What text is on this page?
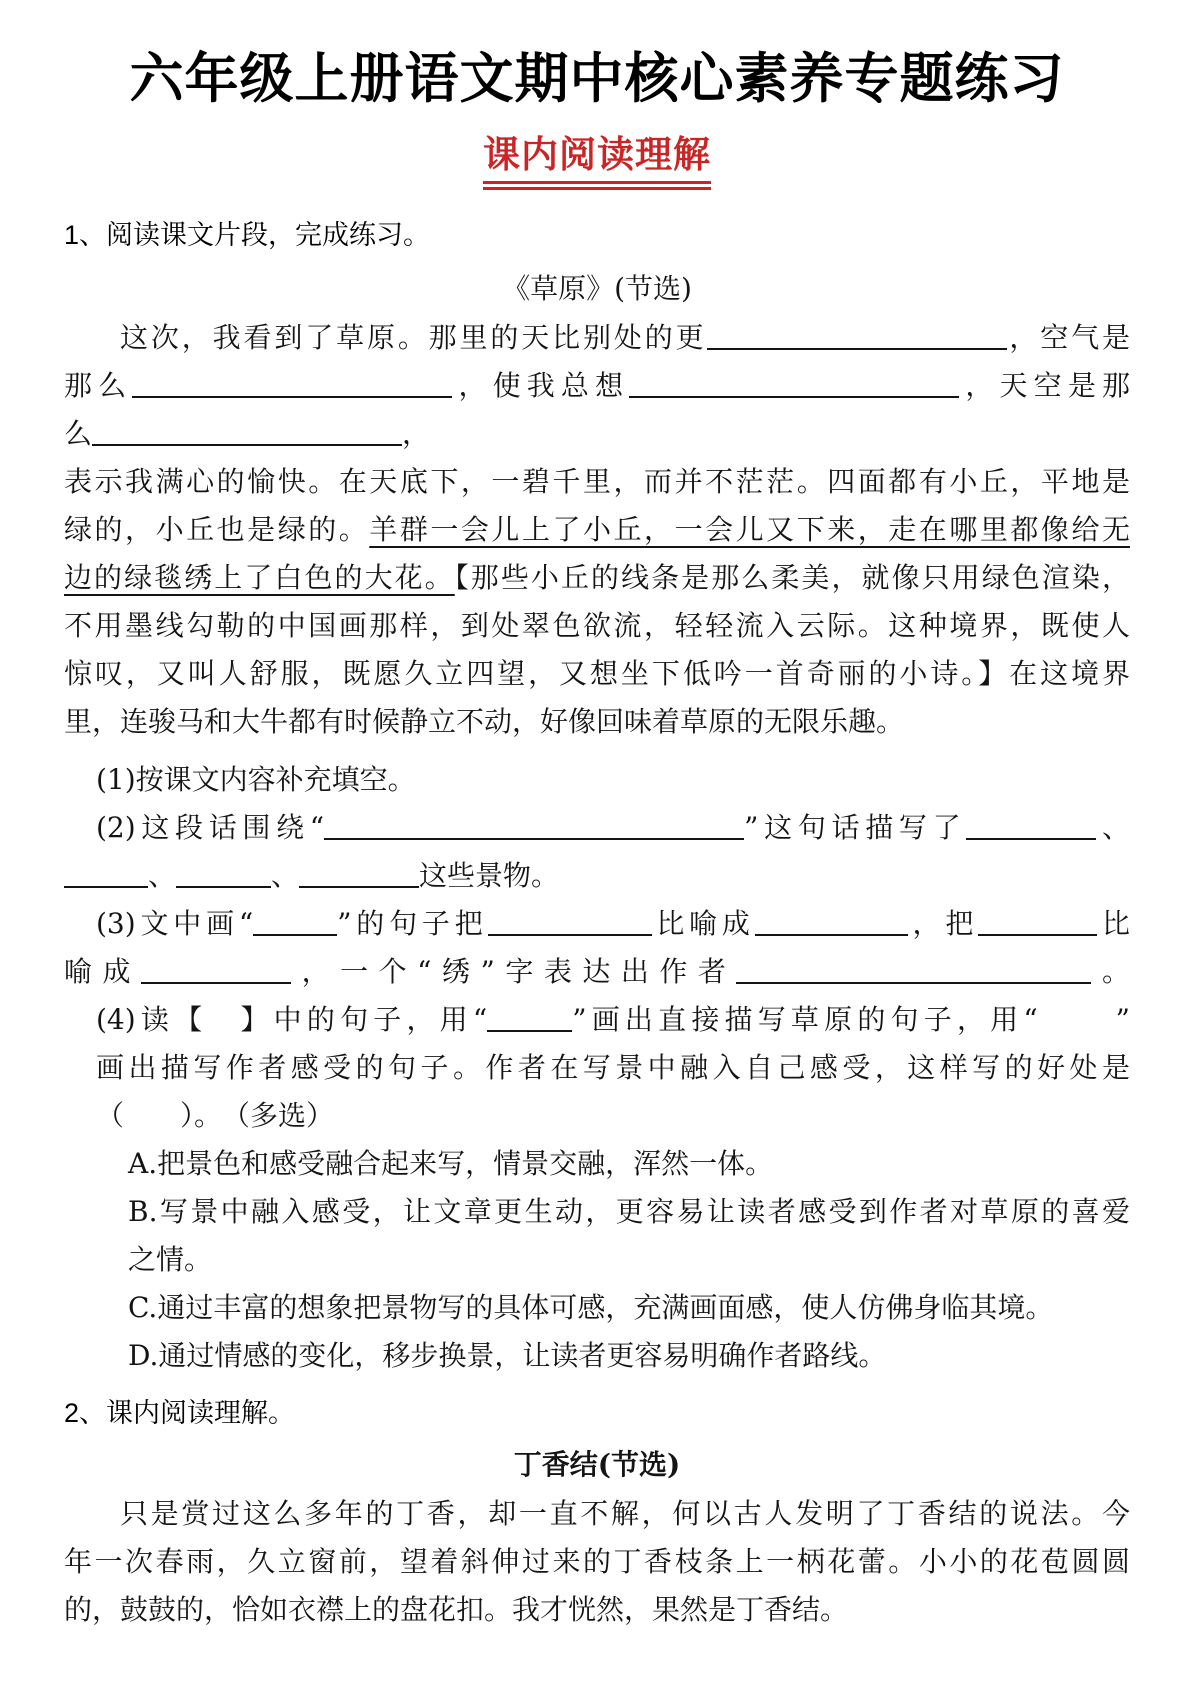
六年级上册语文期中核心素养专题练习
课内阅读理解
1、阅读课文片段，完成练习。
《草原》(节选)
这次，我看到了草原。那里的天比别处的更	，空气是
那么	，使我总想	，天空是那
么	，
表示我满心的愉快。在天底下，一碧千里，而并不茫茫。四面都有小丘，平地是
绿的，小丘也是绿的。羊群一会儿上了小丘，一会儿又下来，走在哪里都像给无
边的绿毯绣上了白色的大花。【那些小丘的线条是那么柔美，就像只用绿色渲染，
不用墨线勾勒的中国画那样，到处翠色欲流，轻轻流入云际。这种境界，既使人
惊叹，又叫人舒服，既愿久立四望，又想坐下低吟一首奇丽的小诗。】在这境界
里，连骏马和大牛都有时候静立不动，好像回味着草原的无限乐趣。
(1)按课文内容补充填空。
(2)这段话围绕“	”这句话描写了	、
、	、	这些景物。
(3)文中画“	”的句子把	比喻成	，把	比
喻成	，一个“绣”字表达出作者	。
(4)读【　】中的句子，用“	”画出直接描写草原的句子，用“	”
画出描写作者感受的句子。作者在写景中融入自己感受，这样写的好处是
（　　）。　（多选）
A.把景色和感受融合起来写，情景交融，浑然一体。
B.写景中融入感受，让文章更生动，更容易让读者感受到作者对草原的喜爱
之情。
C.通过丰富的想象把景物写的具体可感，充满画面感，使人仿佛身临其境。
D.通过情感的变化，移步换景，让读者更容易明确作者路线。
2、课内阅读理解。
丁香结(节选)
只是赏过这么多年的丁香，却一直不解，何以古人发明了丁香结的说法。今
年一次春雨，久立窗前，望着斜伸过来的丁香枝条上一柄花蕾。小小的花苞圆圆
的，鼓鼓的，恰如衣襟上的盘花扣。我才恍然，果然是丁香结。
